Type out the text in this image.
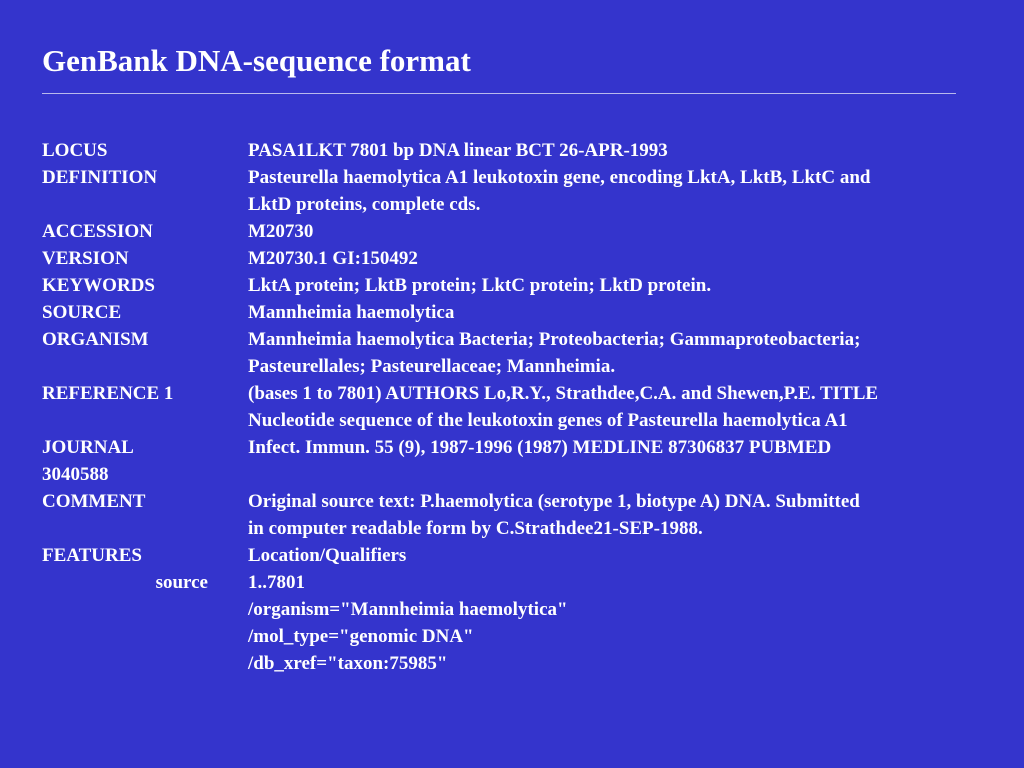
GenBank DNA-sequence format
LOCUS	PASA1LKT 7801 bp DNA linear BCT 26-APR-1993
DEFINITION	Pasteurella haemolytica A1 leukotoxin gene, encoding LktA, LktB, LktC and
LktD proteins, complete cds.
ACCESSION	M20730
VERSION	M20730.1 GI:150492
KEYWORDS	LktA protein; LktB protein; LktC protein; LktD protein.
SOURCE	Mannheimia haemolytica
ORGANISM	Mannheimia haemolytica Bacteria; Proteobacteria; Gammaproteobacteria;
Pasteurellales; Pasteurellaceae; Mannheimia.
REFERENCE 1	(bases 1 to 7801) AUTHORS Lo,R.Y., Strathdee,C.A. and Shewen,P.E. TITLE
Nucleotide sequence of the leukotoxin genes of Pasteurella haemolytica A1
JOURNAL	Infect. Immun. 55 (9), 1987-1996 (1987) MEDLINE 87306837 PUBMED
3040588
COMMENT	Original source text: P.haemolytica (serotype 1, biotype A) DNA. Submitted
in computer readable form by C.Strathdee21-SEP-1988.
FEATURES	Location/Qualifiers
source	1..7801
/organism="Mannheimia haemolytica"
/mol_type="genomic DNA"
/db_xref="taxon:75985"
